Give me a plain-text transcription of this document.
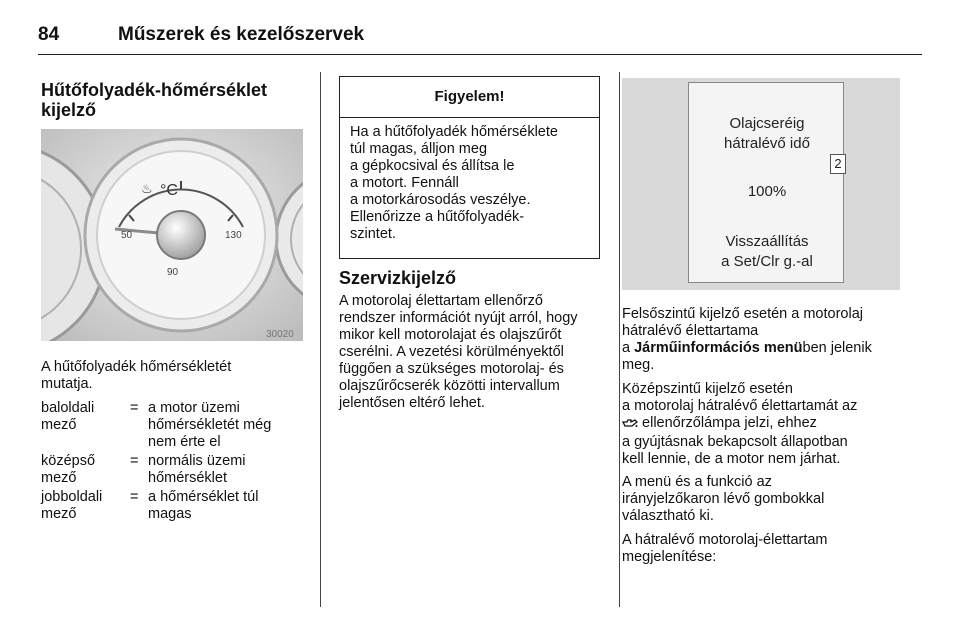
84	Műszerek és kezelőszervek
Hűtőfolyadék-hőmérséklet
kijelző
♨ °C
50	130
90
30020
A hűtőfolyadék hőmérsékletét
mutatja.
baloldali
mező
= a motor üzemi
hőmérsékletét még
nem érte el
középső
mező
= normális üzemi
hőmérséklet
jobboldali
mező
= a hőmérséklet túl
magas
Figyelem!
Ha a hűtőfolyadék hőmérséklete
túl magas, álljon meg
a gépkocsival és állítsa le
a motort. Fennáll
a motorkárosodás veszélye.
Ellenőrizze a hűtőfolyadék-
szintet.
Szervizkijelző
A motorolaj élettartam ellenőrző
rendszer információt nyújt arról, hogy
mikor kell motorolajat és olajszűrőt
cserélni. A vezetési körülményektől
függően a szükséges motorolaj- és
olajszűrőcserék közötti intervallum
jelentősen eltérő lehet.
Olajcseréig
hátralévő idő
100%
Visszaállítás
a Set/Clr g.-al
2
Felsőszintű kijelző esetén a motorolaj
hátralévő élettartama
a Járműinformációs menüben jelenik
meg.
Középszintű kijelző esetén
a motorolaj hátralévő élettartamát az
ellenőrzőlámpa jelzi, ehhez
a gyújtásnak bekapcsolt állapotban
kell lennie, de a motor nem járhat.
A menü és a funkció az
irányjelzőkaron lévő gombokkal
választható ki.
A hátralévő motorolaj-élettartam
megjelenítése:
